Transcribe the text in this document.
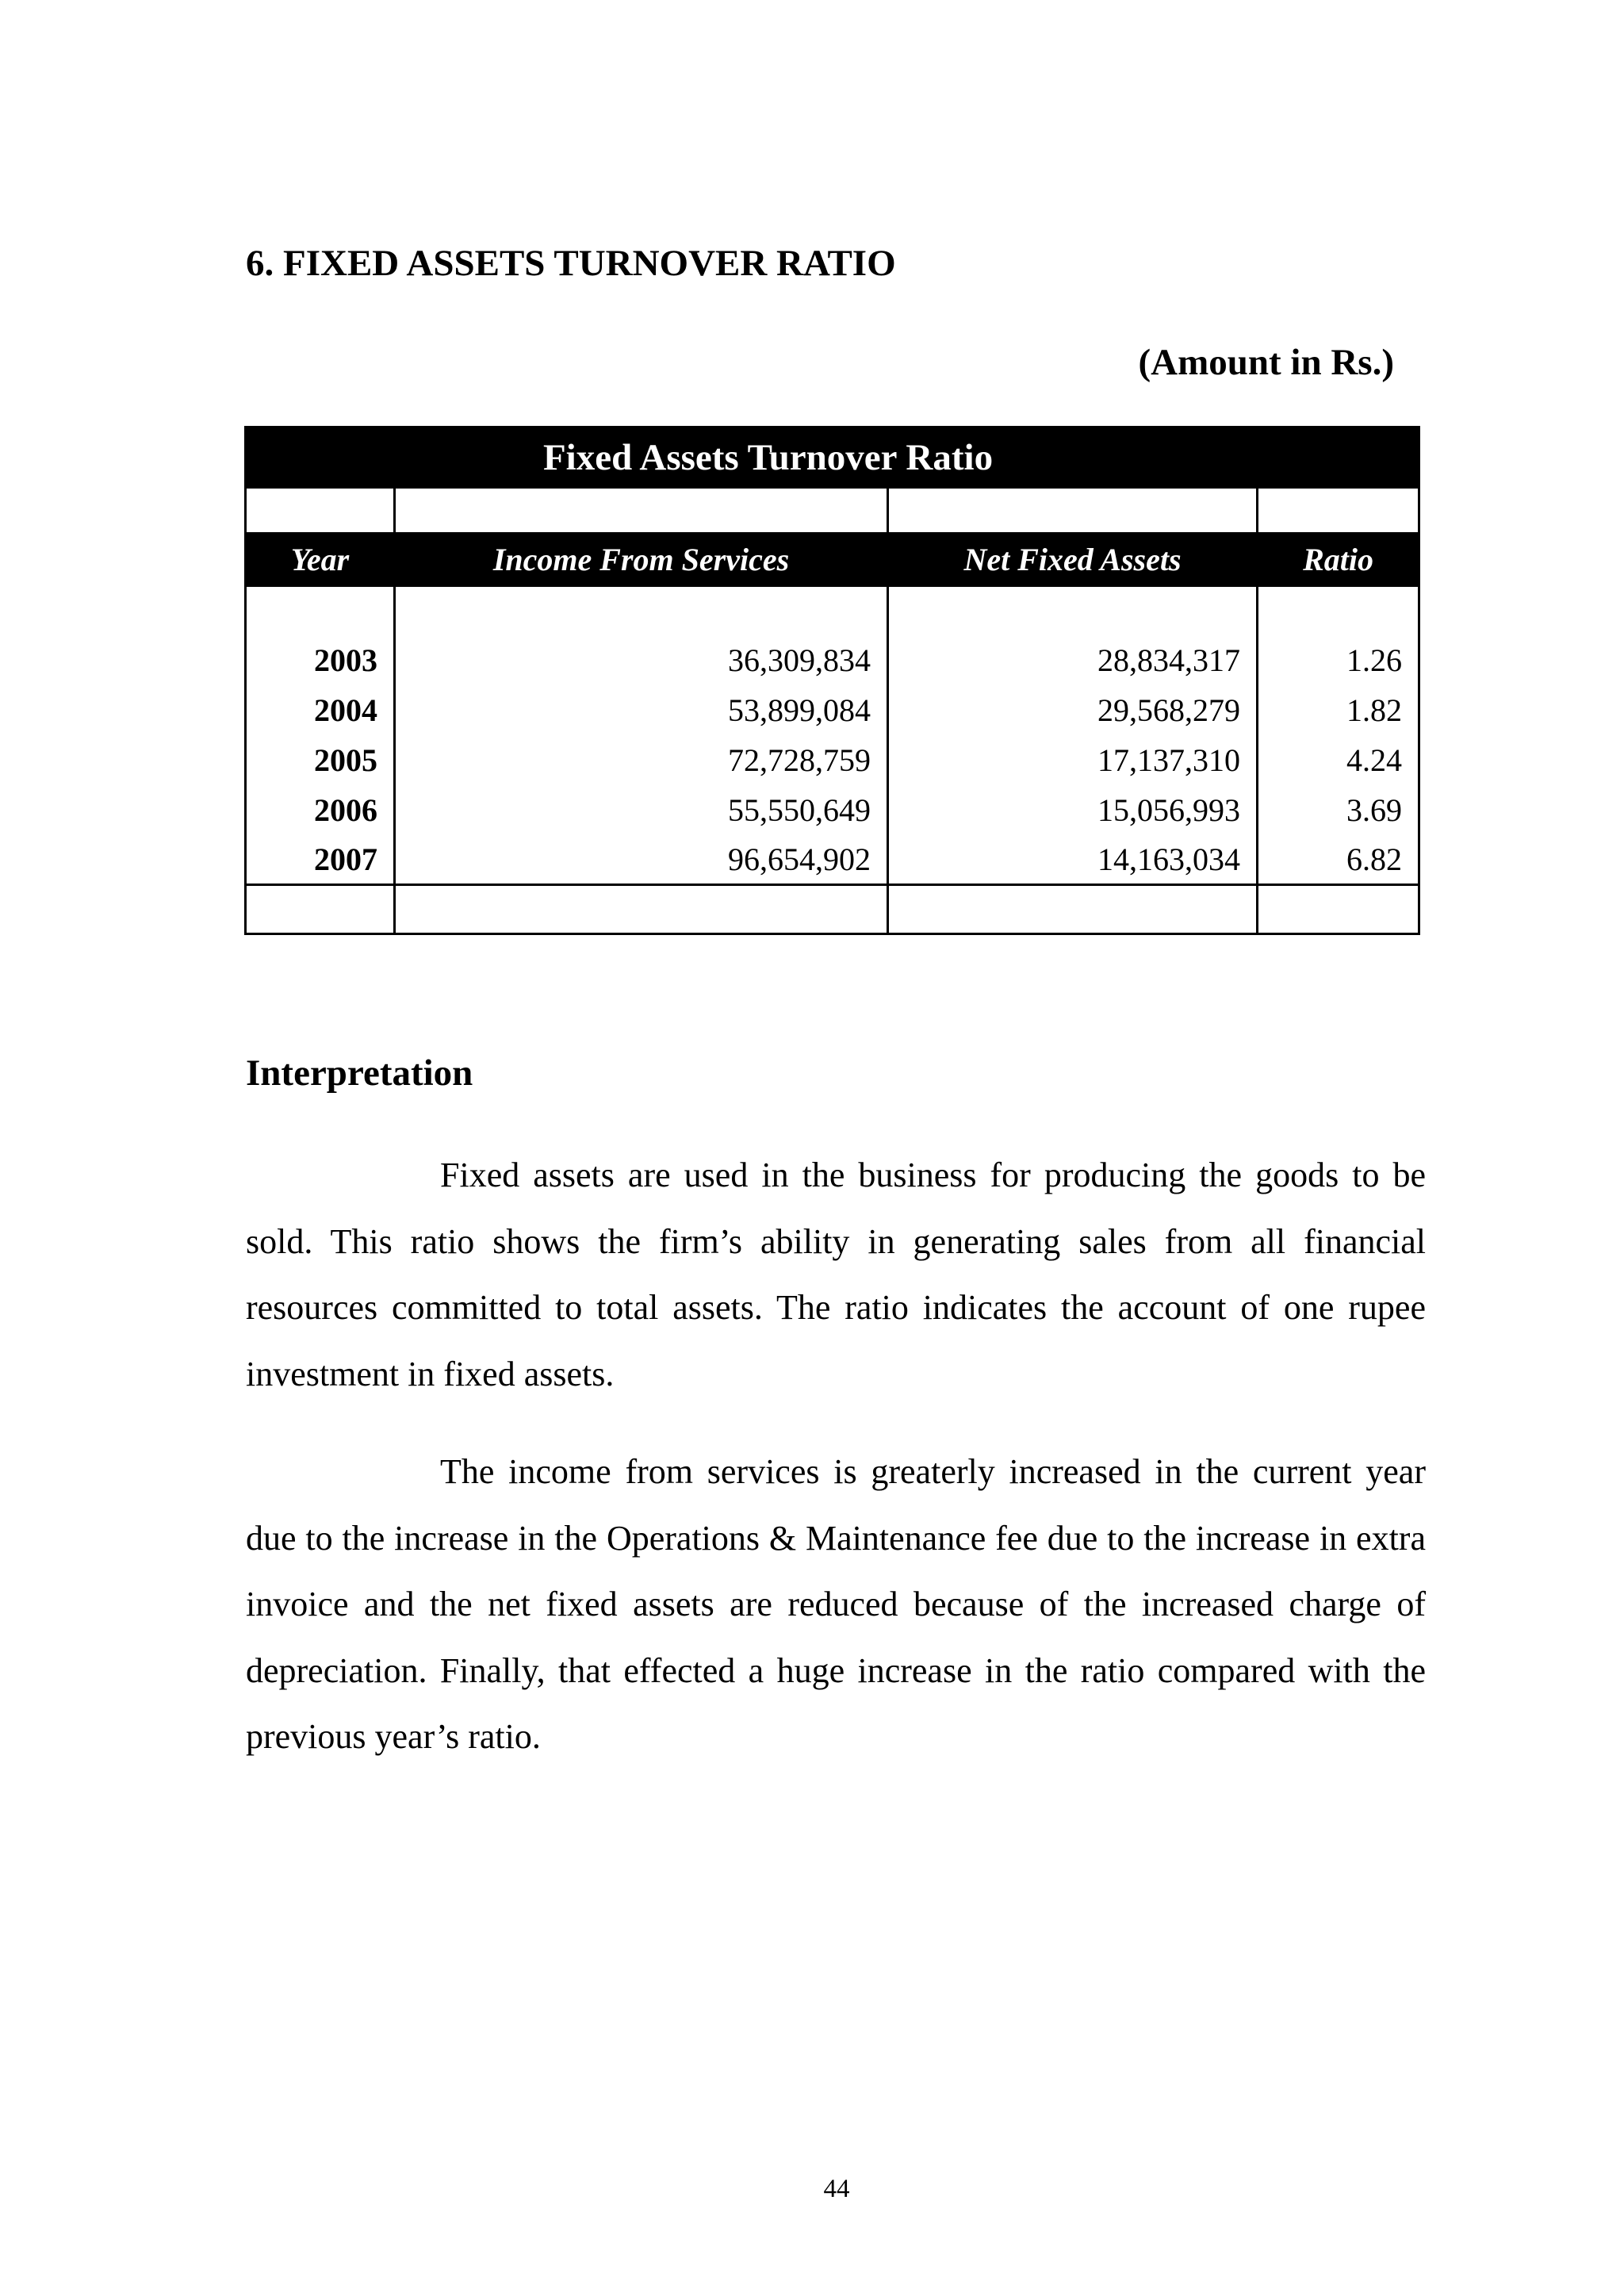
6. FIXED ASSETS TURNOVER RATIO
(Amount in Rs.)
Fixed Assets Turnover Ratio			

Year	Income From Services	Net Fixed Assets	Ratio

2003	36,309,834	28,834,317	1.26
2004	53,899,084	29,568,279	1.82
2005	72,728,759	17,137,310	4.24
2006	55,550,649	15,056,993	3.69
2007	96,654,902	14,163,034	6.82

Interpretation

Fixed assets are used in the business for producing the goods to be sold. This ratio shows the firm’s ability in generating sales from all financial resources committed to total assets. The ratio indicates the account of one rupee investment in fixed assets.

The income from services is greaterly increased in the current year due to the increase in the Operations & Maintenance fee due to the increase in extra invoice and the net fixed assets are reduced because of the increased charge of depreciation. Finally, that effected a huge increase in the ratio compared with the previous year’s ratio.

44
